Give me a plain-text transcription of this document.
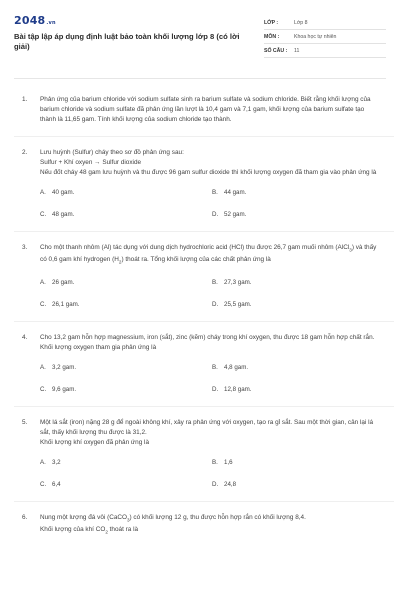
2048.vn
Bài tập lập áp dụng định luật bảo toàn khối lượng lớp 8 (có lời giải)
LỚP :	Lớp 8
MÔN :	Khoa học tự nhiên
SỐ CÂU :	11
1. Phản ứng của barium chloride với sodium sulfate sinh ra barium sulfate và sodium chloride. Biết rằng khối lượng của barium chloride và sodium sulfate đã phản ứng lần lượt là 10,4 gam và 7,1 gam, khối lượng của barium sulfate tạo thành là 11,65 gam. Tính khối lượng của sodium chloride tạo thành.

2. Lưu huỳnh (Sulfur) cháy theo sơ đồ phản ứng sau:

Sulfur + Khí oxyen → Sulfur dioxide

Nếu đốt cháy 48 gam lưu huỳnh và thu được 96 gam sulfur dioxide thì khối lượng oxygen đã tham gia vào phản ứng là

A. 40 gam.	B. 44 gam.
C. 48 gam.	D. 52 gam.
3. Cho một thanh nhôm (Al) tác dụng với dung dịch hydrochloric acid (HCl) thu được 26,7 gam muối nhôm (AlCl$_3$) và thấy có 0,6 gam khí hydrogen $(H_2)$ thoát ra. Tổng khối lượng của các chất phản ứng là

A. 26 gam.	B. 27,3 gam.
C. 26,1 gam.	D. 25,5 gam.
4. Cho 13,2 gam hỗn hợp magnessium, iron (sắt), zinc (kẽm) cháy trong khí oxygen, thu được 18 gam hỗn hợp chất rắn. Khối lượng oxygen tham gia phản ứng là

A. 3,2 gam.	B. 4,8 gam.
C. 9,6 gam.	D. 12,8 gam.
5. Một lá sắt (iron) nặng 28 g để ngoài không khí, xảy ra phản ứng với oxygen, tạo ra gỉ sắt. Sau một thời gian, cân lại lá sắt, thấy khối lượng thu được là 31,2.

Khối lượng khí oxygen đã phản ứng là

A. 3,2	B. 1,6
C. 6,4	D. 24,8
6. Nung một lượng đá vôi (CaCO$_3$) có khối lượng 12 g, thu được hỗn hợp rắn có khối lượng 8,4.

Khối lượng của khí $CO_2$ thoát ra là
